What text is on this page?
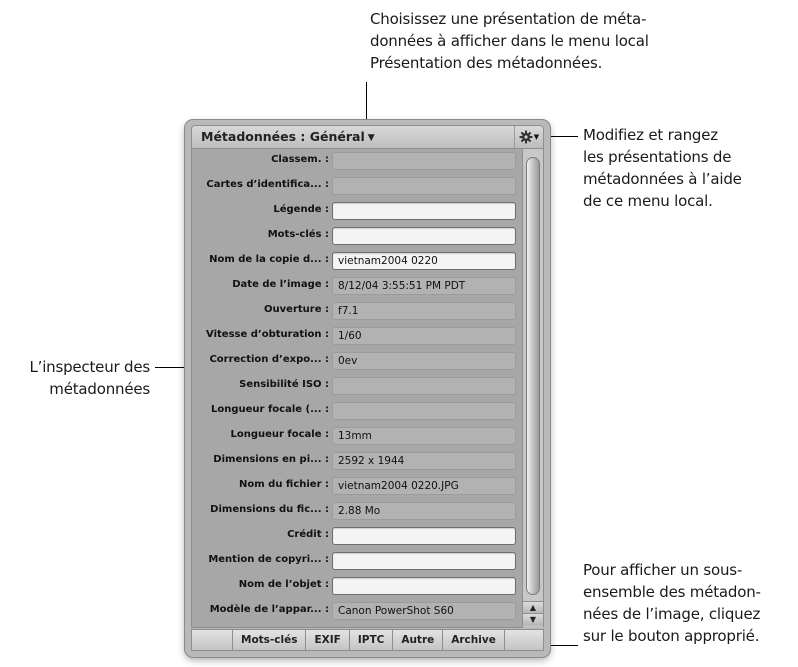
Choisissez une présentation de méta-
données à afficher dans le menu local
Présentation des métadonnées.
Modifiez et rangez
les présentations de
métadonnées à l’aide
de ce menu local.
L’inspecteur des
métadonnées
Pour afficher un sous-
ensemble des métadon-
nées de l’image, cliquez
sur le bouton approprié.
Métadonnées : Général ▼	▼
Classem. :
Cartes d’identifica... :
Légende :
Mots-clés :
Nom de la copie d... : vietnam2004 0220
Date de l’image : 8/12/04 3:55:51 PM PDT
Ouverture : f7.1
Vitesse d’obturation : 1/60
Correction d’expo... : 0ev
Sensibilité ISO :
Longueur focale (... :
Longueur focale : 13mm
Dimensions en pi... : 2592 x 1944
Nom du fichier : vietnam2004 0220.JPG
Dimensions du fic... : 2.88 Mo
Crédit :
Mention de copyri... :
Nom de l’objet :
Modèle de l’appar... : Canon PowerShot S60	▲
▼
Mots-clés	EXIF	IPTC	Autre	Archive
